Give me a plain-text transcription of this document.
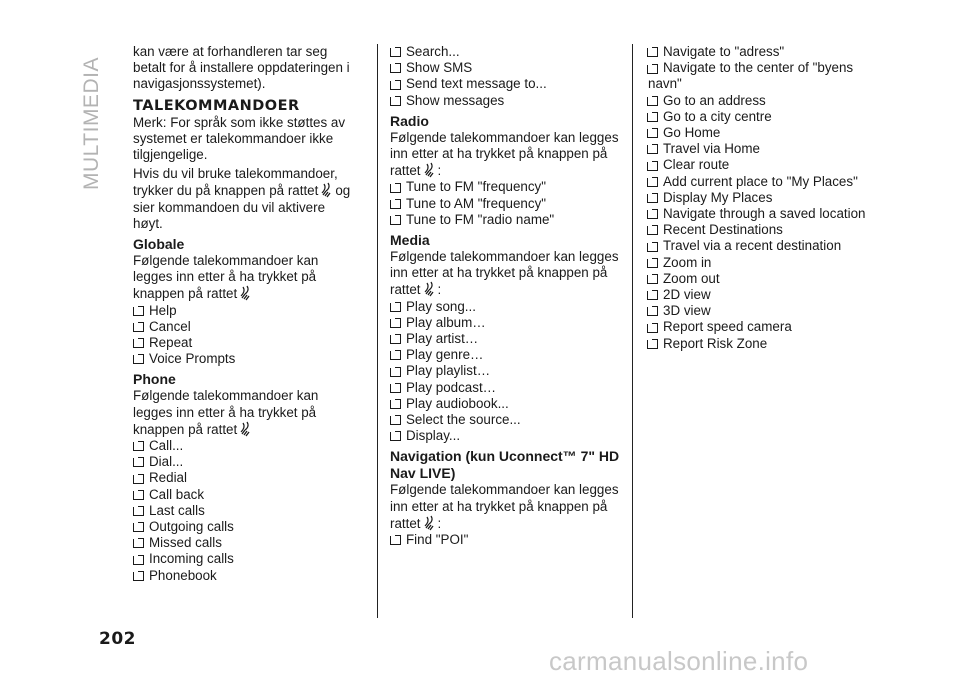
MULTIMEDIA

kan være at forhandleren tar seg betalt for å installere oppdateringen i navigasjonssystemet).

TALEKOMMANDOER

Merk: For språk som ikke støttes av systemet er talekommandoer ikke tilgjengelige.

Hvis du vil bruke talekommandoer, trykker du på knappen på rattet og sier kommandoen du vil aktivere høyt.

Globale

Følgende talekommandoer kan legges inn etter å ha trykket på knappen på rattet

Help
Cancel
Repeat
Voice Prompts
Phone

Følgende talekommandoer kan legges inn etter å ha trykket på knappen på rattet

Call...
Dial...
Redial
Call back
Last calls
Outgoing calls
Missed calls
Incoming calls
Phonebook
Search...
Show SMS
Send text message to...
Show messages
Radio

Følgende talekommandoer kan legges inn etter at ha trykket på knappen på rattet :

Tune to FM "frequency"
Tune to AM "frequency"
Tune to FM "radio name"
Media

Følgende talekommandoer kan legges inn etter at ha trykket på knappen på rattet :

Play song...
Play album…
Play artist…
Play genre…
Play playlist…
Play podcast…
Play audiobook...
Select the source...
Display...
Navigation (kun Uconnect™ 7" HD Nav LIVE)

Følgende talekommandoer kan legges inn etter at ha trykket på knappen på rattet :

Find "POI"
Navigate to "adress"
Navigate to the center of "byens navn"
Go to an address
Go to a city centre
Go Home
Travel via Home
Clear route
Add current place to "My Places"
Display My Places
Navigate through a saved location
Recent Destinations
Travel via a recent destination
Zoom in
Zoom out
2D view
3D view
Report speed camera
Report Risk Zone
202
carmanualsonline.info
